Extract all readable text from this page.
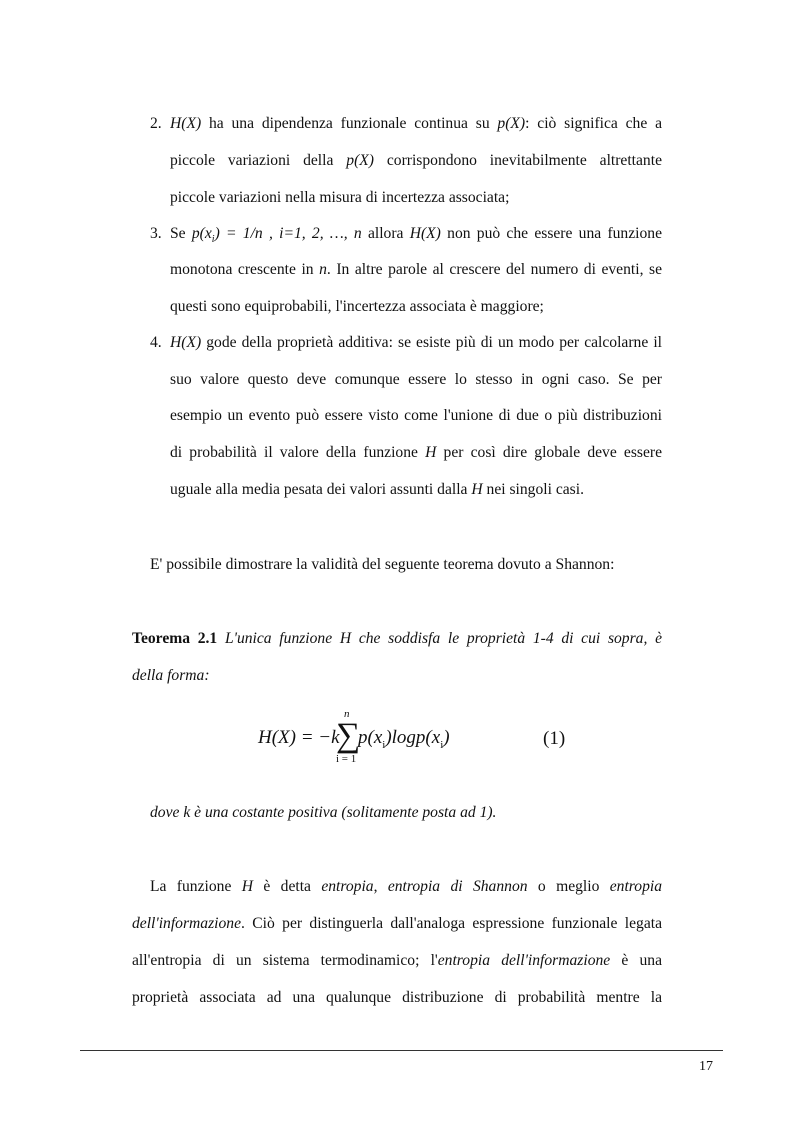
2. H(X) ha una dipendenza funzionale continua su p(X): ciò significa che a
piccole variazioni della p(X) corrispondono inevitabilmente altrettante
piccole variazioni nella misura di incertezza associata;
3. Se $p(x_i) = 1/n$ , i=1, 2, …, n allora H(X) non può che essere una funzione
monotona crescente in n. In altre parole al crescere del numero di eventi, se
questi sono equiprobabili, l'incertezza associata è maggiore;
4. H(X) gode della proprietà additiva: se esiste più di un modo per calcolarne il
suo valore questo deve comunque essere lo stesso in ogni caso. Se per
esempio un evento può essere visto come l'unione di due o più distribuzioni
di probabilità il valore della funzione H per così dire globale deve essere
uguale alla media pesata dei valori assunti dalla H nei singoli casi.
E' possibile dimostrare la validità del seguente teorema dovuto a Shannon:
Teorema 2.1 L'unica funzione H che soddisfa le proprietà 1-4 di cui sopra, è
della forma:
H(X) = −k
n
∑
i = 1
$p(x_i)\log p(x_i)$	(1)
dove k è una costante positiva (solitamente posta ad 1).
La funzione H è detta entropia, entropia di Shannon o meglio entropia
dell'informazione. Ciò per distinguerla dall'analoga espressione funzionale legata
all'entropia di un sistema termodinamico; l'entropia dell'informazione è una
proprietà associata ad una qualunque distribuzione di probabilità mentre la
17
